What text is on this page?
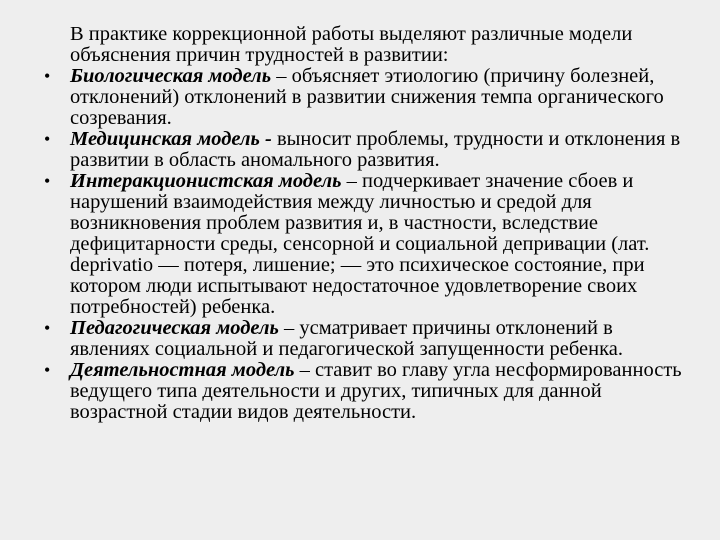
В практике коррекционной работы выделяют различные модели объяснения причин трудностей в развитии:

• Биологическая модель – объясняет этиологию (причину болезней, отклонений) отклонений в развитии снижения темпа органического созревания.

• Медицинская модель - выносит проблемы, трудности и отклонения в развитии в область аномального развития.

• Интеракционистская модель – подчеркивает значение сбоев и нарушений взаимодействия между личностью и средой для возникновения проблем развития и, в частности, вследствие дефицитарности среды, сенсорной и социальной депривации (лат. deprivatio — потеря, лишение; — это психическое состояние, при котором люди испытывают недостаточное удовлетворение своих потребностей) ребенка.

• Педагогическая модель – усматривает причины отклонений в явлениях социальной и педагогической запущенности ребенка.

• Деятельностная модель – ставит во главу угла несформированность ведущего типа деятельности и других, типичных для данной возрастной стадии видов деятельности.
